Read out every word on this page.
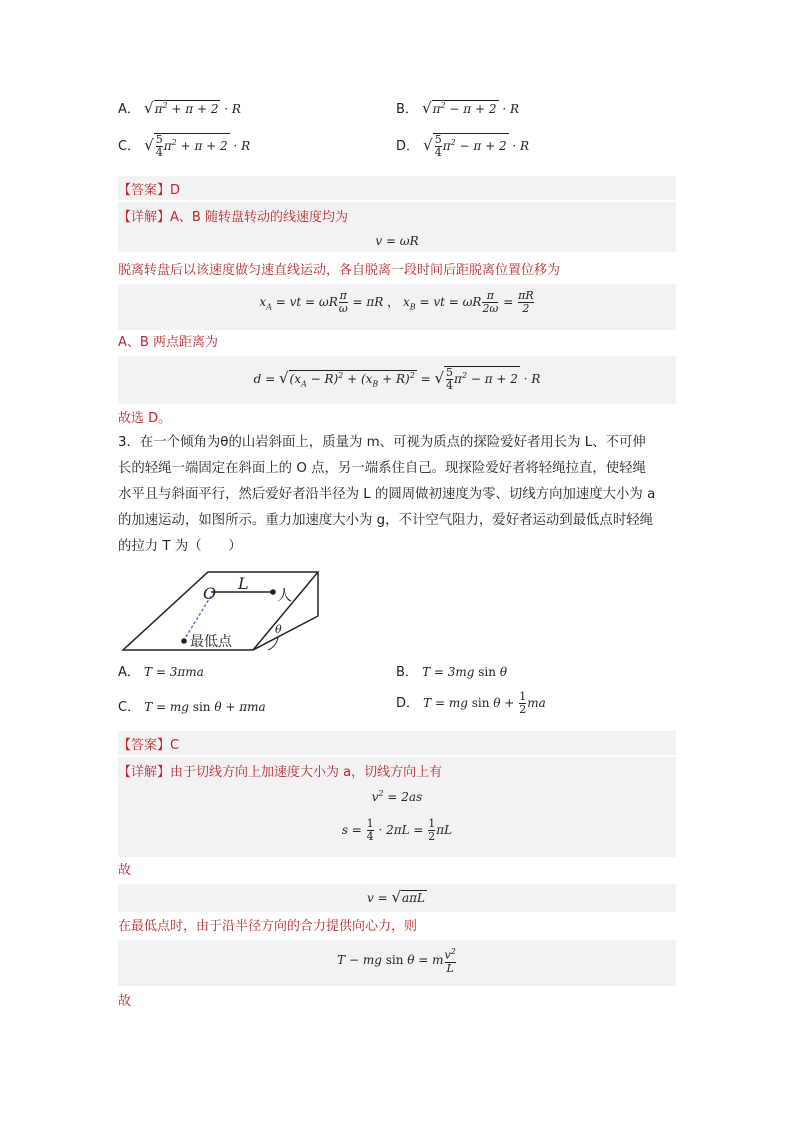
A． $√\pi^2 + \pi + 2 \cdot R$	B． $√\pi^2 - \pi + 2 \cdot R$
C． √ $\frac{5}{4} \pi^2 + \pi + 2 \cdot R$	D． √ $\frac{5}{4} \pi^2 - \pi + 2 \cdot R$
【答案】D
【详解】A、B 随转盘转动的线速度均为
v = ωR
脱离转盘后以该速度做匀速直线运动，各自脱离一段时间后距脱离位置位移为
$x_A$ = vt = ωR $\frac{\pi}{\omega} = \pi R$ ， $x_B$ = vt = ωR $\frac{\pi}{2\omega} = \frac{\pi R}{2}$
A、B 两点距离为
$d = √(x_A - R)^2 + (x_B + R)^2$ = √ $\frac{5}{4} \pi^2 - \pi + 2 \cdot R$
故选 D。
3．在一个倾角为θ的山岩斜面上，质量为 m、可视为质点的探险爱好者用长为 L、不可伸
长的轻绳一端固定在斜面上的 O 点，另一端系住自己。现探险爱好者将轻绳拉直，使轻绳
水平且与斜面平行，然后爱好者沿半径为 L 的圆周做初速度为零、切线方向加速度大小为 a
的加速运动，如图所示。重力加速度大小为 g，不计空气阻力，爱好者运动到最低点时轻绳
的拉力 T 为（　　）
O
L
人
最低点
θ
A． T = 3πma	B． T = 3mg sin θ
C． T = mg sin θ + πma	D． T = mg $\sin \theta + \frac{1}{2}$ ma
【答案】C
【详解】由于切线方向上加速度大小为 a，切线方向上有
$v^2 = 2as$
$s = \frac{1}{4} \cdot 2\pi L = \frac{1}{2}$ πL
故
v = √aπL
在最低点时，由于沿半径方向的合力提供向心力，则
T − mg sin θ = m $\frac{v^2}{L}$
故
